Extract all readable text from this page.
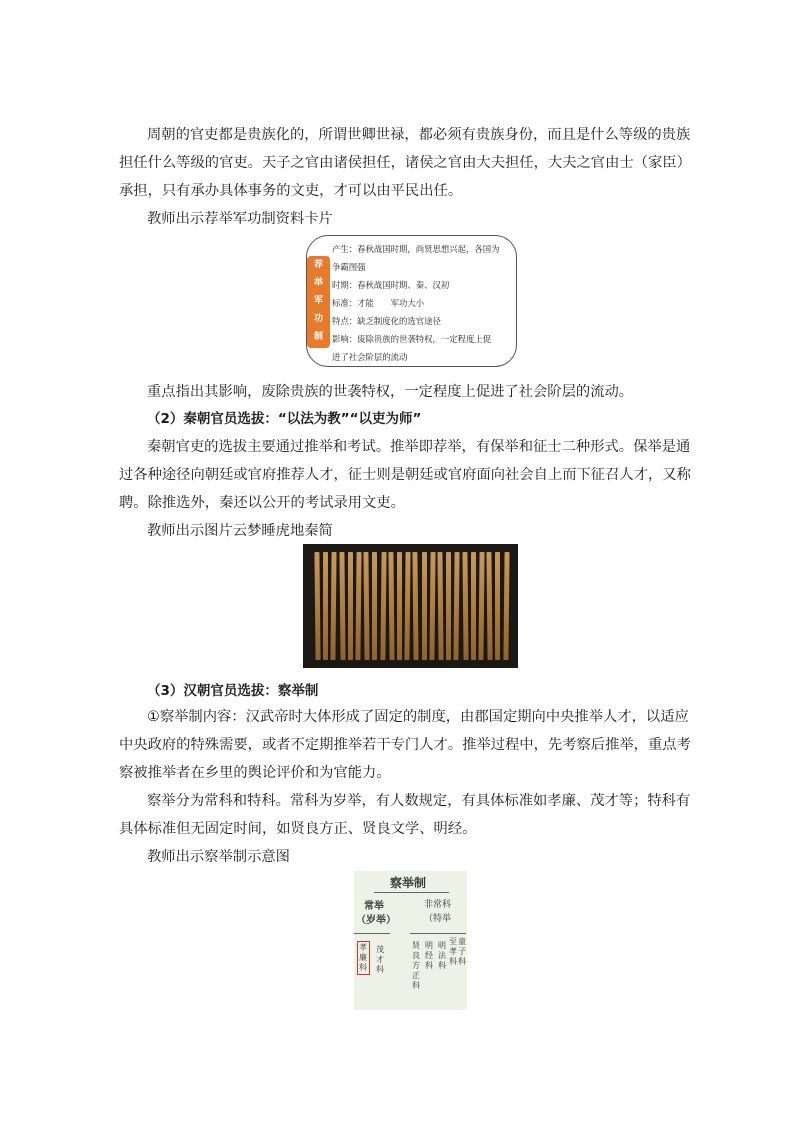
周朝的官吏都是贵族化的，所谓世卿世禄，都必须有贵族身份，而且是什么等级的贵族
担任什么等级的官吏。天子之官由诸侯担任，诸侯之官由大夫担任，大夫之官由士（家臣）
承担，只有承办具体事务的文吏，才可以由平民出任。
教师出示荐举军功制资料卡片
荐
举
军
功
制
产生：春秋战国时期，尚贤思想兴起，各国为
争霸图强
时期：春秋战国时期、秦、汉初
标准：才能　　军功大小
特点：缺乏制度化的选官途径
影响：废除贵族的世袭特权，一定程度上促
进了社会阶层的流动
重点指出其影响，废除贵族的世袭特权，一定程度上促进了社会阶层的流动。
（2）秦朝官员选拔：“以法为教”“以吏为师”
秦朝官吏的选拔主要通过推举和考试。推举即荐举，有保举和征士二种形式。保举是通
过各种途径向朝廷或官府推荐人才，征士则是朝廷或官府面向社会自上而下征召人才，又称
聘。除推选外，秦还以公开的考试录用文吏。
教师出示图片云梦睡虎地秦简
（3）汉朝官员选拔：察举制
①察举制内容：汉武帝时大体形成了固定的制度，由郡国定期向中央推举人才，以适应
中央政府的特殊需要，或者不定期推举若干专门人才。推举过程中，先考察后推举，重点考
察被推举者在乡里的舆论评价和为官能力。
察举分为常科和特科。常科为岁举，有人数规定，有具体标准如孝廉、茂才等；特科有
具体标准但无固定时间，如贤良方正、贤良文学、明经。
教师出示察举制示意图
察举制
常举
（岁举）
非常科
（特举
孝廉科
茂才科
贤良方正科
明经科
明法科
至孝科
童子科
